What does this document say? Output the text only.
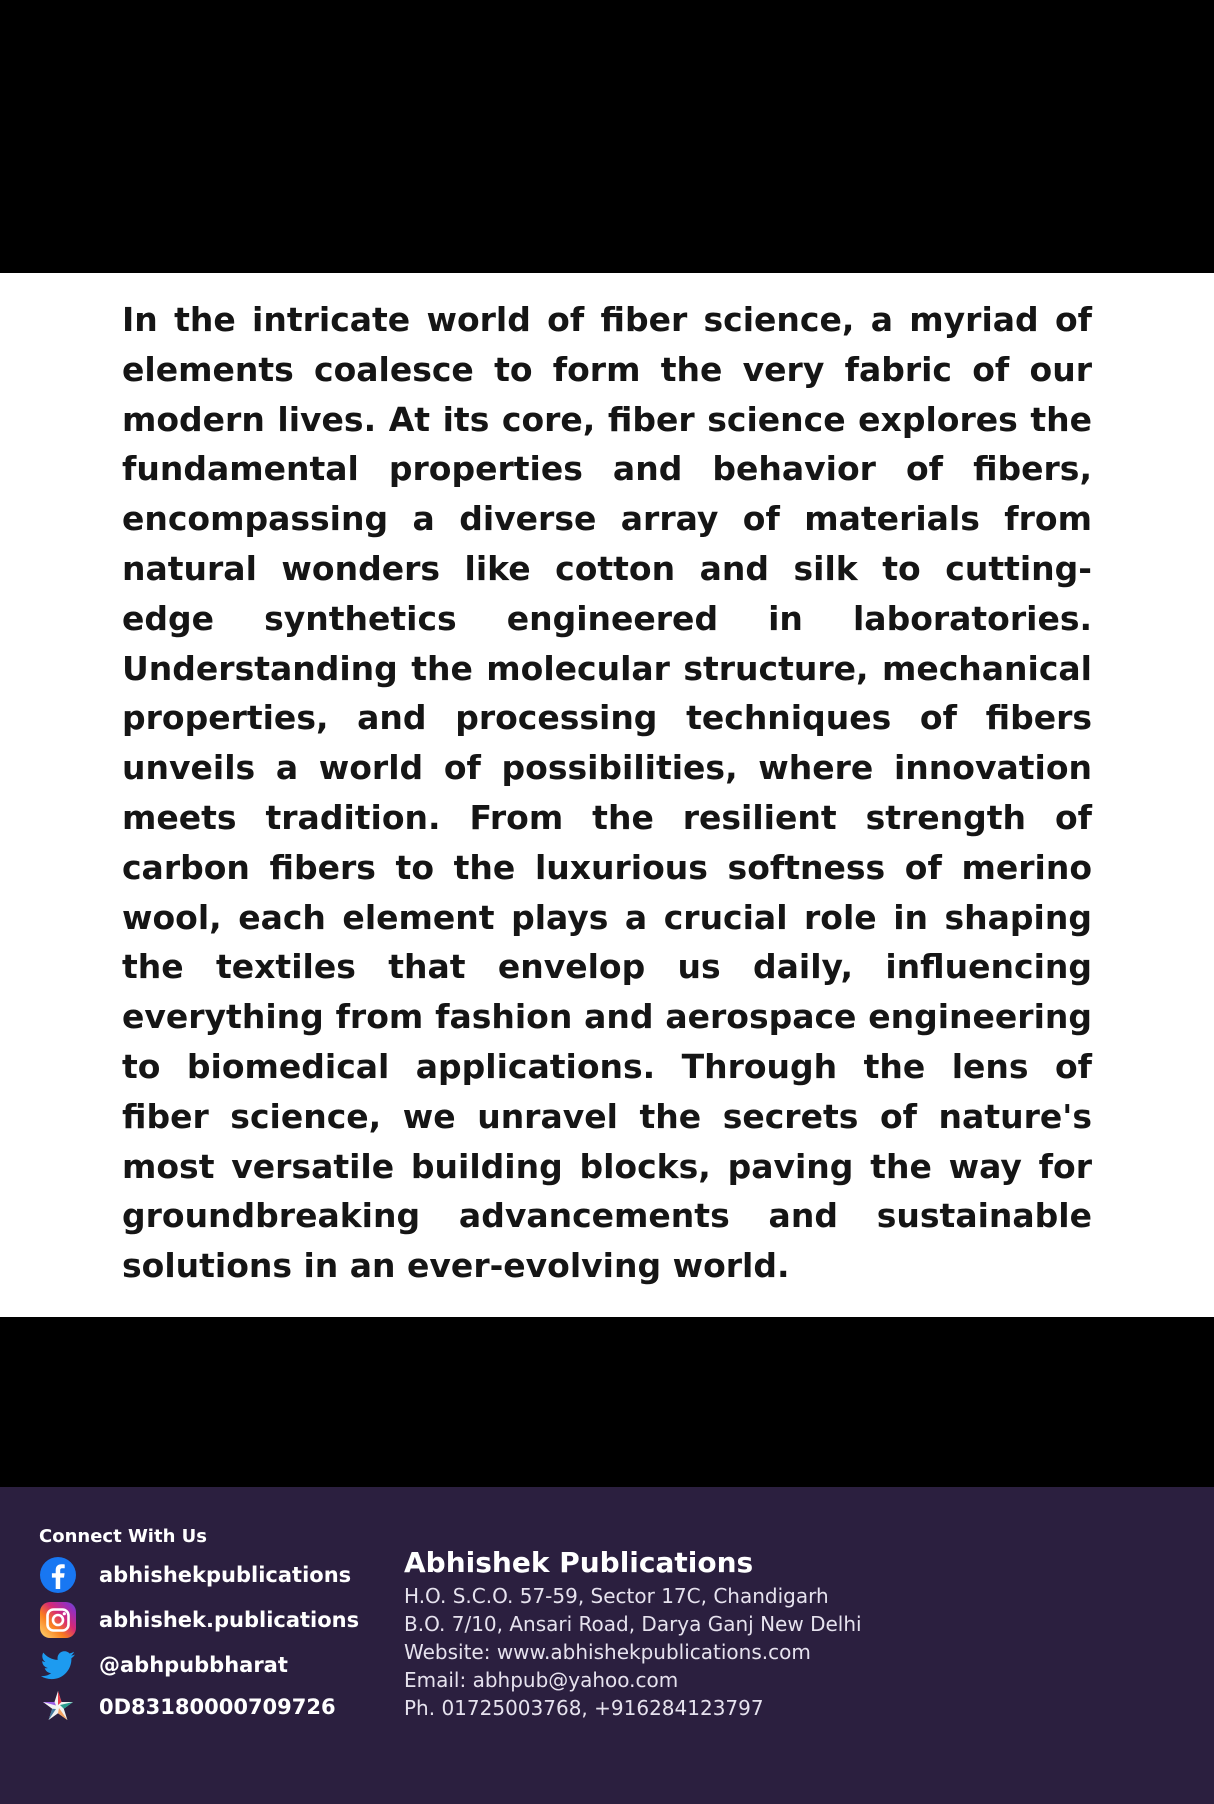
In the intricate world of fiber science, a myriad of elements coalesce to form the very fabric of our modern lives. At its core, fiber science explores the fundamental properties and behavior of fibers, encompassing a diverse array of materials from natural wonders like cotton and silk to cutting-edge synthetics engineered in laboratories. Understanding the molecular structure, mechanical properties, and processing techniques of fibers unveils a world of possibilities, where innovation meets tradition. From the resilient strength of carbon fibers to the luxurious softness of merino wool, each element plays a crucial role in shaping the textiles that envelop us daily, influencing everything from fashion and aerospace engineering to biomedical applications. Through the lens of fiber science, we unravel the secrets of nature's most versatile building blocks, paving the way for groundbreaking advancements and sustainable solutions in an ever-evolving world.

Connect With Us
abhishekpublications
abhishek.publications
@abhpubbharat
0D83180000709726
Abhishek Publications
H.O. S.C.O. 57-59, Sector 17C, Chandigarh
B.O. 7/10, Ansari Road, Darya Ganj New Delhi
Website: www.abhishekpublications.com
Email: abhpub@yahoo.com
Ph. 01725003768, +916284123797
